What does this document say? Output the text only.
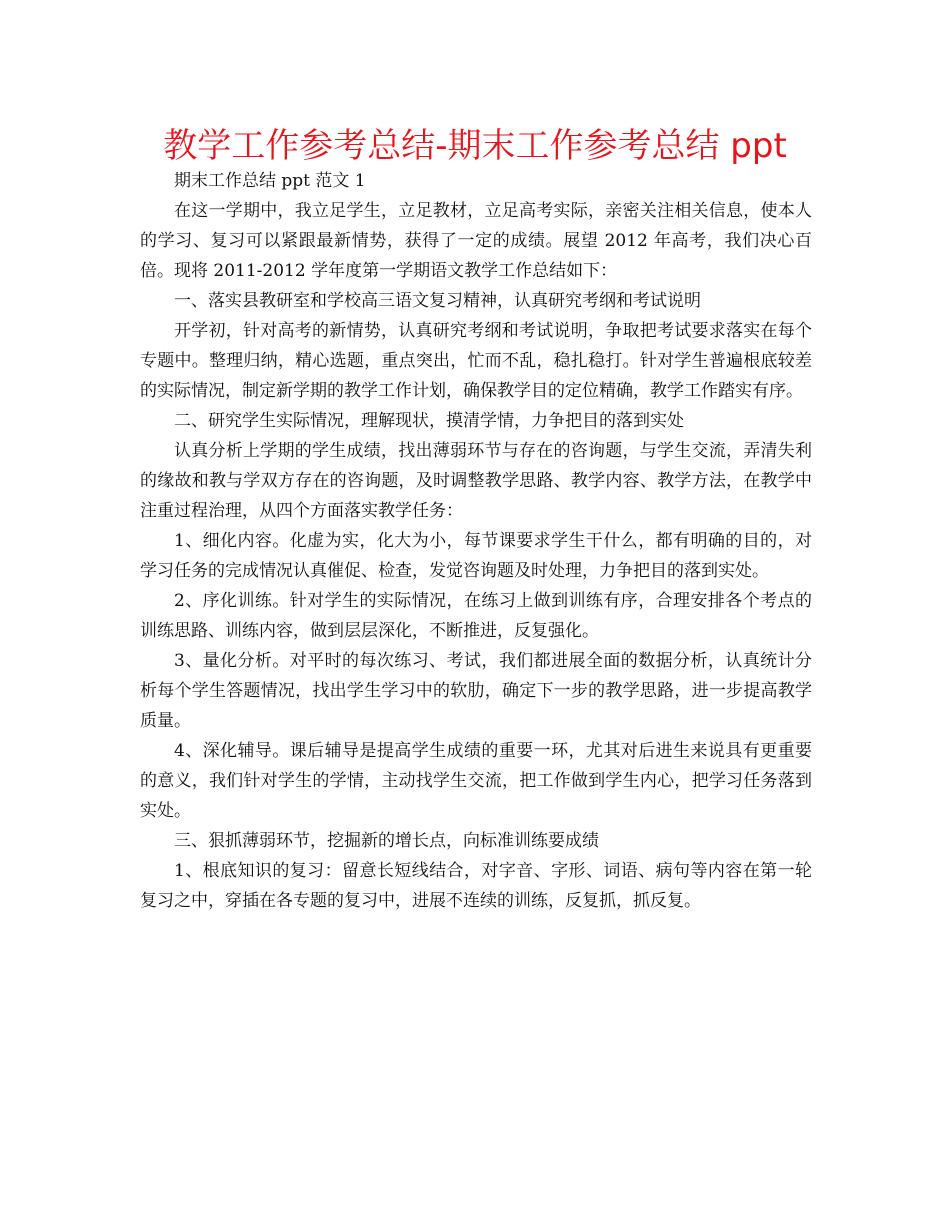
教学工作参考总结-期末工作参考总结 ppt

期末工作总结 ppt 范文 1

在这一学期中，我立足学生，立足教材，立足高考实际，亲密关注相关信息，使本人的学习、复习可以紧跟最新情势，获得了一定的成绩。展望 2012 年高考，我们决心百倍。现将 2011-2012 学年度第一学期语文教学工作总结如下：

一、落实县教研室和学校高三语文复习精神，认真研究考纲和考试说明

开学初，针对高考的新情势，认真研究考纲和考试说明，争取把考试要求落实在每个专题中。整理归纳，精心选题，重点突出，忙而不乱，稳扎稳打。针对学生普遍根底较差的实际情况，制定新学期的教学工作计划，确保教学目的定位精确，教学工作踏实有序。

二、研究学生实际情况，理解现状，摸清学情，力争把目的落到实处

认真分析上学期的学生成绩，找出薄弱环节与存在的咨询题，与学生交流，弄清失利的缘故和教与学双方存在的咨询题，及时调整教学思路、教学内容、教学方法，在教学中注重过程治理，从四个方面落实教学任务：

1、细化内容。化虚为实，化大为小，每节课要求学生干什么，都有明确的目的，对学习任务的完成情况认真催促、检查，发觉咨询题及时处理，力争把目的落到实处。

2、序化训练。针对学生的实际情况，在练习上做到训练有序，合理安排各个考点的训练思路、训练内容，做到层层深化，不断推进，反复强化。

3、量化分析。对平时的每次练习、考试，我们都进展全面的数据分析，认真统计分析每个学生答题情况，找出学生学习中的软肋，确定下一步的教学思路，进一步提高教学质量。

4、深化辅导。课后辅导是提高学生成绩的重要一环，尤其对后进生来说具有更重要的意义，我们针对学生的学情，主动找学生交流，把工作做到学生内心，把学习任务落到实处。

三、狠抓薄弱环节，挖掘新的增长点，向标准训练要成绩

1、根底知识的复习：留意长短线结合，对字音、字形、词语、病句等内容在第一轮复习之中，穿插在各专题的复习中，进展不连续的训练，反复抓，抓反复。
